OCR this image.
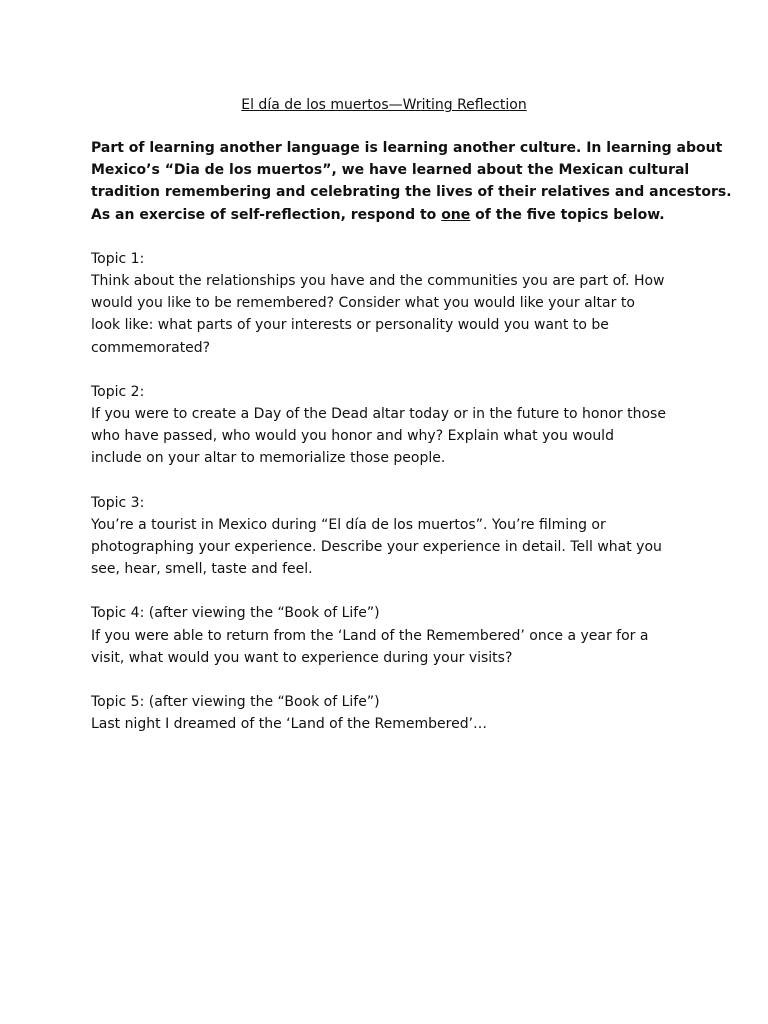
El día de los muertos—Writing Reflection

Part of learning another language is learning another culture. In learning about
Mexico’s “Dia de los muertos”, we have learned about the Mexican cultural
tradition remembering and celebrating the lives of their relatives and ancestors.
As an exercise of self-reflection, respond to one of the five topics below.

Topic 1:
Think about the relationships you have and the communities you are part of. How
would you like to be remembered? Consider what you would like your altar to
look like: what parts of your interests or personality would you want to be
commemorated?
Topic 2:
If you were to create a Day of the Dead altar today or in the future to honor those
who have passed, who would you honor and why? Explain what you would
include on your altar to memorialize those people.
Topic 3:
You’re a tourist in Mexico during “El día de los muertos”. You’re filming or
photographing your experience. Describe your experience in detail. Tell what you
see, hear, smell, taste and feel.
Topic 4: (after viewing the “Book of Life”)
If you were able to return from the ‘Land of the Remembered’ once a year for a
visit, what would you want to experience during your visits?
Topic 5: (after viewing the “Book of Life”)
Last night I dreamed of the ‘Land of the Remembered’…
